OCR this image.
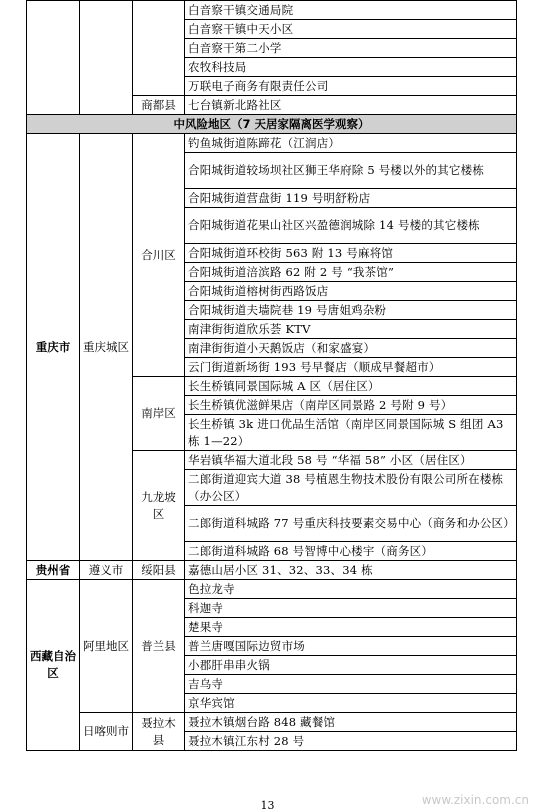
			白音察干镇交通局院
			白音察干镇中天小区
			白音察干第二小学
			农牧科技局
			万联电子商务有限责任公司
		商都县	七台镇新北路社区
中风险地区（7 天居家隔离医学观察）			
重庆市	重庆城区	合川区	钓鱼城街道陈蹄花（江润店）
			合阳城街道较场坝社区狮王华府除 5 号楼以外的其它楼栋
			合阳城街道营盘街 119 号明舒粉店
			合阳城街道花果山社区兴盈德润城除 14 号楼的其它楼栋
			合阳城街道环校街 563 附 13 号麻将馆
			合阳城街道涪滨路 62 附 2 号 “我茶馆”
			合阳城街道榕树街西路饭店
			合阳城街道夫墙院巷 19 号唐姐鸡杂粉
			南津街街道欣乐荟 KTV
			南津街街道小天鹅饭店（和家盛宴）
			云门街道新场街 193 号早餐店（顺成早餐超市）
		南岸区	长生桥镇同景国际城 A 区（居住区）
			长生桥镇优滋鲜果店（南岸区同景路 2 号附 9 号）
			长生桥镇 3k 进口优品生活馆（南岸区同景国际城 S 组团 A3 栋 1—22）
		九龙坡区	华岩镇华福大道北段 58 号 “华福 58” 小区（居住区）
			二郎街道迎宾大道 38 号植恩生物技术股份有限公司所在楼栋（办公区）
			二郎街道科城路 77 号重庆科技要素交易中心（商务和办公区）
			二郎街道科城路 68 号智博中心楼宇（商务区）
贵州省	遵义市	绥阳县	嘉德山居小区 31、32、33、34 栋
西藏自治区	阿里地区	普兰县	色拉龙寺
			科迦寺
			楚果寺
			普兰唐嘎国际边贸市场
			小郡肝串串火锅
			吉乌寺
			京华宾馆
	日喀则市	聂拉木县	聂拉木镇烟台路 848 藏餐馆
			聂拉木镇江东村 28 号
13	www.zixin.com.cn
